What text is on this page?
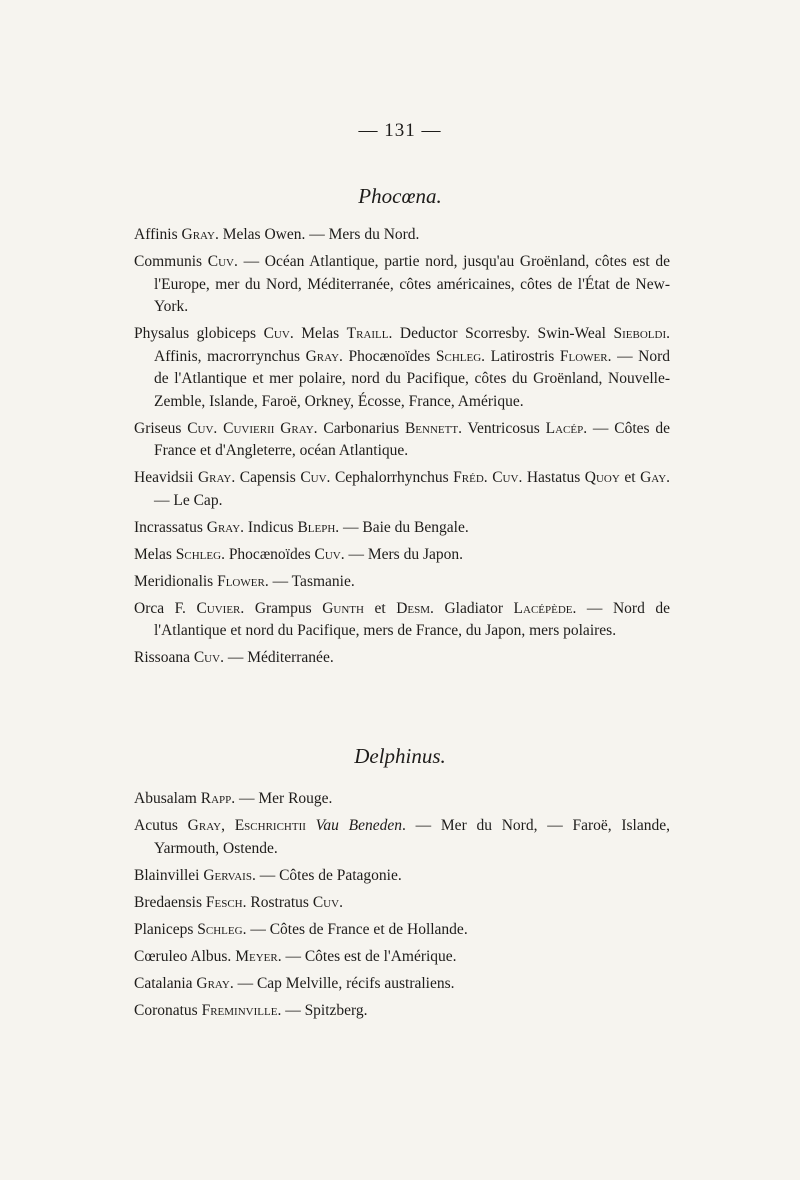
— 131 —
Phocœna.

Affinis Gray. Melas Owen. — Mers du Nord.

Communis Cuv. — Océan Atlantique, partie nord, jusqu'au Groënland, côtes est de l'Europe, mer du Nord, Méditerranée, côtes américaines, côtes de l'État de New-York.

Physalus globiceps Cuv. Melas Traill. Deductor Scorresby. Swin-Weal Sieboldi. Affinis, macrorrynchus Gray. Phocænoïdes Schleg. Latirostris Flower. — Nord de l'Atlantique et mer polaire, nord du Pacifique, côtes du Groënland, Nouvelle-Zemble, Islande, Faroë, Orkney, Écosse, France, Amérique.

Griseus Cuv. Cuvierii Gray. Carbonarius Bennett. Ventricosus Lacép. — Côtes de France et d'Angleterre, océan Atlantique.

Heavidsii Gray. Capensis Cuv. Cephalorrhynchus Fréd. Cuv. Hastatus Quoy et Gay. — Le Cap.

Incrassatus Gray. Indicus Bleph. — Baie du Bengale.

Melas Schleg. Phocænoïdes Cuv. — Mers du Japon.

Meridionalis Flower. — Tasmanie.

Orca F. Cuvier. Grampus Gunth et Desm. Gladiator Lacépède. — Nord de l'Atlantique et nord du Pacifique, mers de France, du Japon, mers polaires.

Rissoana Cuv. — Méditerranée.

Delphinus.

Abusalam Rapp. — Mer Rouge.

Acutus Gray, Eschrichtii Vau Beneden. — Mer du Nord, — Faroë, Islande, Yarmouth, Ostende.

Blainvillei Gervais. — Côtes de Patagonie.

Bredaensis Fesch. Rostratus Cuv.

Planiceps Schleg. — Côtes de France et de Hollande.

Cœruleo Albus. Meyer. — Côtes est de l'Amérique.

Catalania Gray. — Cap Melville, récifs australiens.

Coronatus Freminville. — Spitzberg.
